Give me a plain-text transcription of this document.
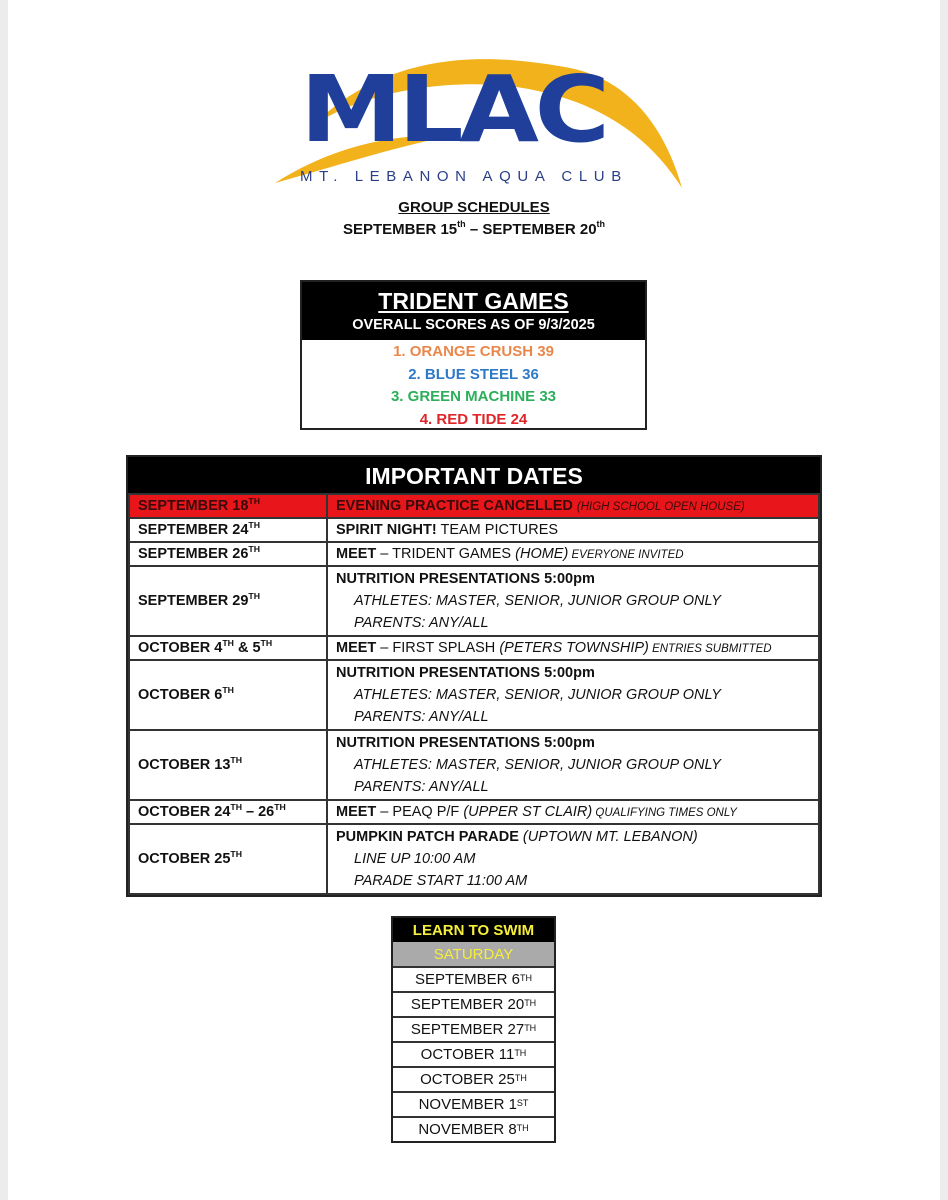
MLAC
MT. LEBANON AQUA CLUB
GROUP SCHEDULES
SEPTEMBER 15th – SEPTEMBER 20th
TRIDENT GAMES
OVERALL SCORES AS OF 9/3/2025
1. ORANGE CRUSH 39
2. BLUE STEEL 36
3. GREEN MACHINE 33
4. RED TIDE 24
IMPORTANT DATES
SEPTEMBER 18TH	EVENING PRACTICE CANCELLED (HIGH SCHOOL OPEN HOUSE)
SEPTEMBER 24TH	SPIRIT NIGHT! TEAM PICTURES
SEPTEMBER 26TH	MEET – TRIDENT GAMES (HOME) EVERYONE INVITED
SEPTEMBER 29TH	NUTRITION PRESENTATIONS 5:00pm
ATHLETES: MASTER, SENIOR, JUNIOR GROUP ONLY
PARENTS: ANY/ALL

OCTOBER 4TH & 5TH	MEET – FIRST SPLASH (PETERS TOWNSHIP) ENTRIES SUBMITTED
OCTOBER 6TH	NUTRITION PRESENTATIONS 5:00pm
ATHLETES: MASTER, SENIOR, JUNIOR GROUP ONLY
PARENTS: ANY/ALL

OCTOBER 13TH	NUTRITION PRESENTATIONS 5:00pm
ATHLETES: MASTER, SENIOR, JUNIOR GROUP ONLY
PARENTS: ANY/ALL

OCTOBER 24TH – 26TH	MEET – PEAQ P/F (UPPER ST CLAIR) QUALIFYING TIMES ONLY
OCTOBER 25TH	PUMPKIN PATCH PARADE (UPTOWN MT. LEBANON)
LINE UP 10:00 AM
PARADE START 11:00 AM
LEARN TO SWIM
SATURDAY
SEPTEMBER 6TH
SEPTEMBER 20TH
SEPTEMBER 27TH
OCTOBER 11TH
OCTOBER 25TH
NOVEMBER 1ST
NOVEMBER 8TH
